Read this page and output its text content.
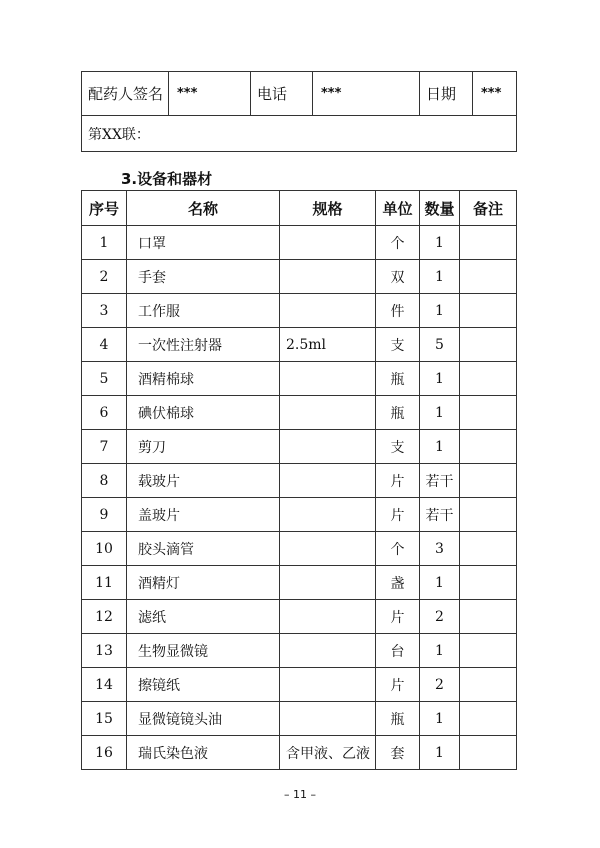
配药人签名	***	电话	***	日期	***
第XX联：
3.设备和器材
序号	名称	规格	单位	数量	备注
1	口罩		个	1	
2	手套		双	1	
3	工作服		件	1	
4	一次性注射器	2.5ml	支	5	
5	酒精棉球		瓶	1	
6	碘伏棉球		瓶	1	
7	剪刀		支	1	
8	载玻片		片	若干	
9	盖玻片		片	若干	
10	胶头滴管		个	3	
11	酒精灯		盏	1	
12	滤纸		片	2	
13	生物显微镜		台	1	
14	擦镜纸		片	2	
15	显微镜镜头油		瓶	1	
16	瑞氏染色液	含甲液、乙液	套	1	
– 11 –
